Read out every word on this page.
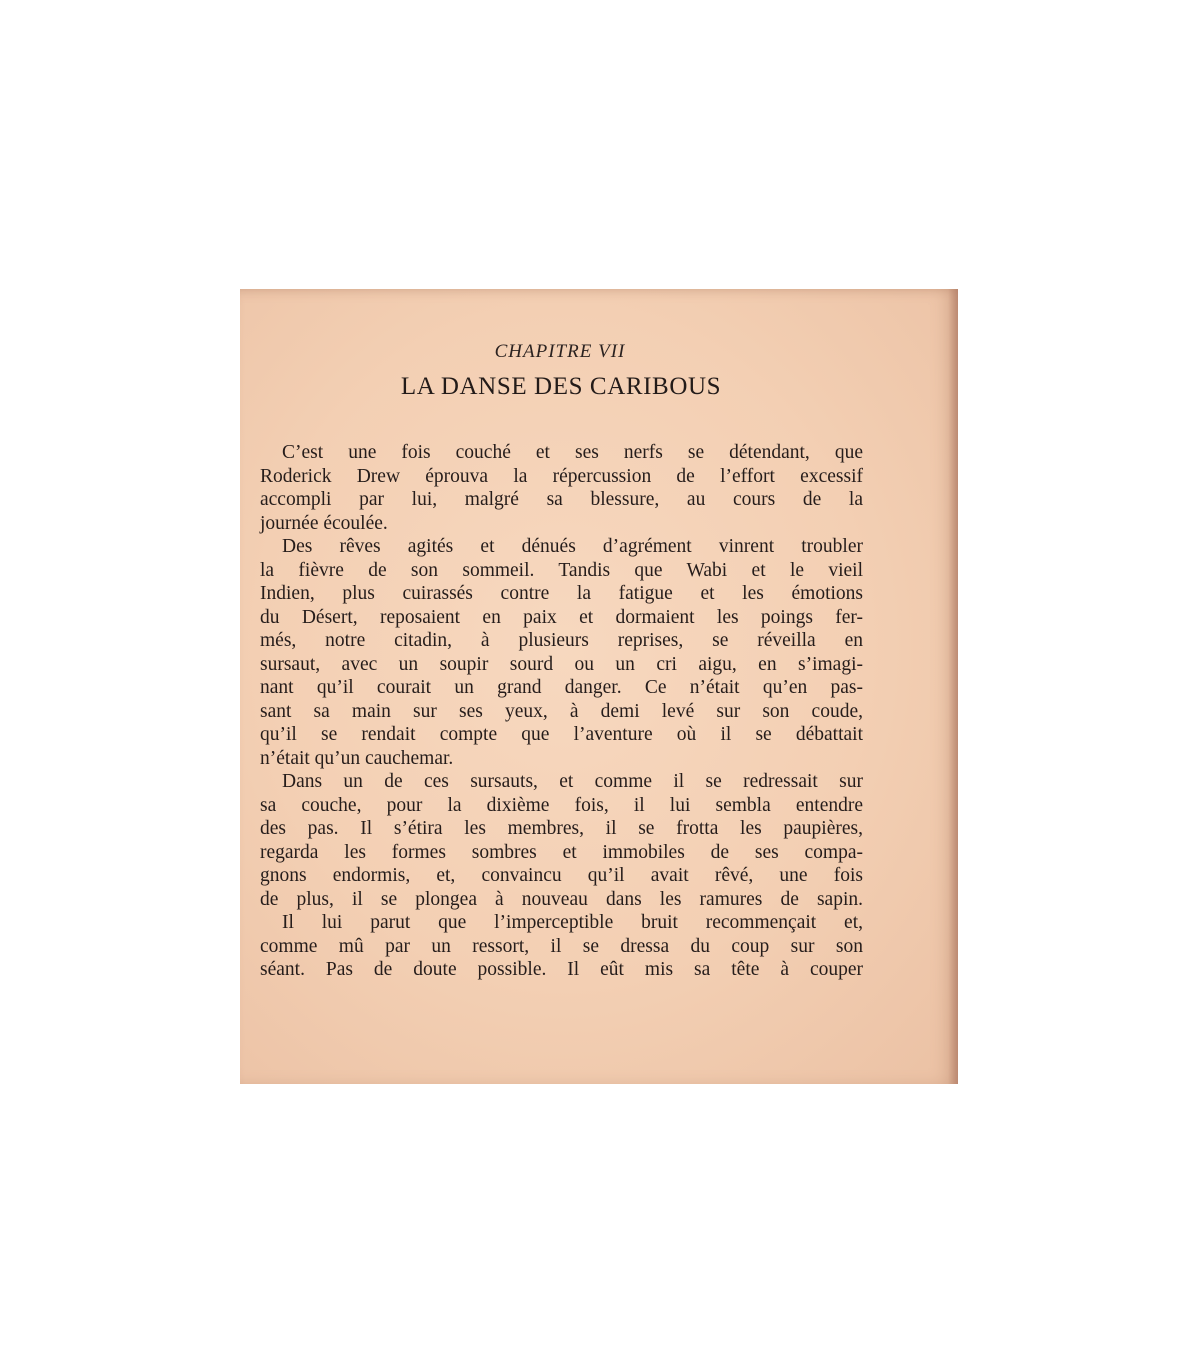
CHAPITRE VII
LA DANSE DES CARIBOUS
C’est une fois couché et ses nerfs se détendant, que
Roderick Drew éprouva la répercussion de l’effort excessif
accompli par lui, malgré sa blessure, au cours de la
journée écoulée.
Des rêves agités et dénués d’agrément vinrent troubler
la fièvre de son sommeil. Tandis que Wabi et le vieil
Indien, plus cuirassés contre la fatigue et les émotions
du Désert, reposaient en paix et dormaient les poings fer-
més, notre citadin, à plusieurs reprises, se réveilla en
sursaut, avec un soupir sourd ou un cri aigu, en s’imagi-
nant qu’il courait un grand danger. Ce n’était qu’en pas-
sant sa main sur ses yeux, à demi levé sur son coude,
qu’il se rendait compte que l’aventure où il se débattait
n’était qu’un cauchemar.
Dans un de ces sursauts, et comme il se redressait sur
sa couche, pour la dixième fois, il lui sembla entendre
des pas. Il s’étira les membres, il se frotta les paupières,
regarda les formes sombres et immobiles de ses compa-
gnons endormis, et, convaincu qu’il avait rêvé, une fois
de plus, il se plongea à nouveau dans les ramures de sapin.
Il lui parut que l’imperceptible bruit recommençait et,
comme mû par un ressort, il se dressa du coup sur son
séant. Pas de doute possible. Il eût mis sa tête à couper
